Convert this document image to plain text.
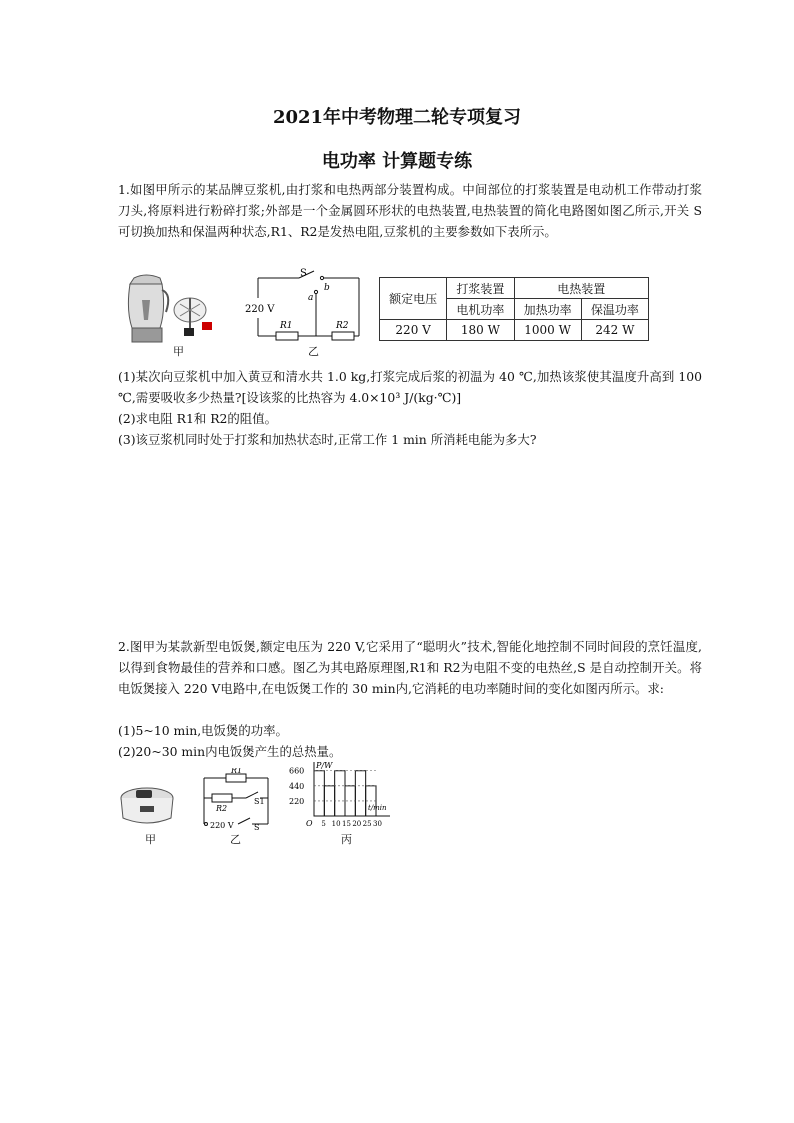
2021年中考物理二轮专项复习
电功率 计算题专练
1.如图甲所示的某品牌豆浆机,由打浆和电热两部分装置构成。中间部位的打浆装置是电动机工作带动打浆刀头,将原料进行粉碎打浆;外部是一个金属圆环形状的电热装置,电热装置的简化电路图如图乙所示,开关 S 可切换加热和保温两种状态,R1、R2是发热电阻,豆浆机的主要参数如下表所示。
甲
S
b
a
220 V
R1	R2
乙
额定电压	打浆装置	电热装置	
	电机功率	加热功率	保温功率
220 V	180 W	1000 W	242 W
(1)某次向豆浆机中加入黄豆和清水共 1.0 kg,打浆完成后浆的初温为 40 ℃,加热该浆使其温度升高到 100 ℃,需要吸收多少热量?[设该浆的比热容为 4.0×10³ J/(kg·℃)]
(2)求电阻 R1和 R2的阻值。
(3)该豆浆机同时处于打浆和加热状态时,正常工作 1 min 所消耗电能为多大?
2.图甲为某款新型电饭煲,额定电压为 220 V,它采用了“聪明火”技术,智能化地控制不同时间段的烹饪温度,以得到食物最佳的营养和口感。图乙为其电路原理图,R1和 R2为电阻不变的电热丝,S 是自动控制开关。将电饭煲接入 220 V电路中,在电饭煲工作的 30 min内,它消耗的电功率随时间的变化如图丙所示。求:
(1)5~10 min,电饭煲的功率。
(2)20~30 min内电饭煲产生的总热量。
甲
R1
R2
S1
220 V	S
乙
P/W
t/min
O
660
440
220
5 10 15 20 25 30
丙
